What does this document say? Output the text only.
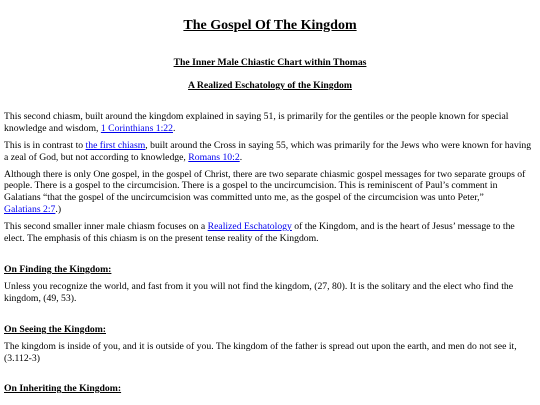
The Gospel Of The Kingdom
The Inner Male Chiastic Chart within Thomas
A Realized Eschatology of the Kingdom

This second chiasm, built around the kingdom explained in saying 51, is primarily for the gentiles or the people known for special
knowledge and wisdom, 1 Corinthians 1:22.

This is in contrast to the first chiasm, built around the Cross in saying 55, which was primarily for the Jews who were known for having
a zeal of God, but not according to knowledge, Romans 10:2.

Although there is only One gospel, in the gospel of Christ, there are two separate chiasmic gospel messages for two separate groups of
people. There is a gospel to the circumcision. There is a gospel to the uncircumcision. This is reminiscent of Paul’s comment in
Galatians “that the gospel of the uncircumcision was committed unto me, as the gospel of the circumcision was unto Peter,”
Galatians 2:7.)

This second smaller inner male chiasm focuses on a Realized Eschatology of the Kingdom, and is the heart of Jesus’ message to the
elect. The emphasis of this chiasm is on the present tense reality of the Kingdom.

On Finding the Kingdom:

Unless you recognize the world, and fast from it you will not find the kingdom, (27, 80). It is the solitary and the elect who find the
kingdom, (49, 53).

On Seeing the Kingdom:

The kingdom is inside of you, and it is outside of you. The kingdom of the father is spread out upon the earth, and men do not see it,
(3.112-3)

On Inheriting the Kingdom:
